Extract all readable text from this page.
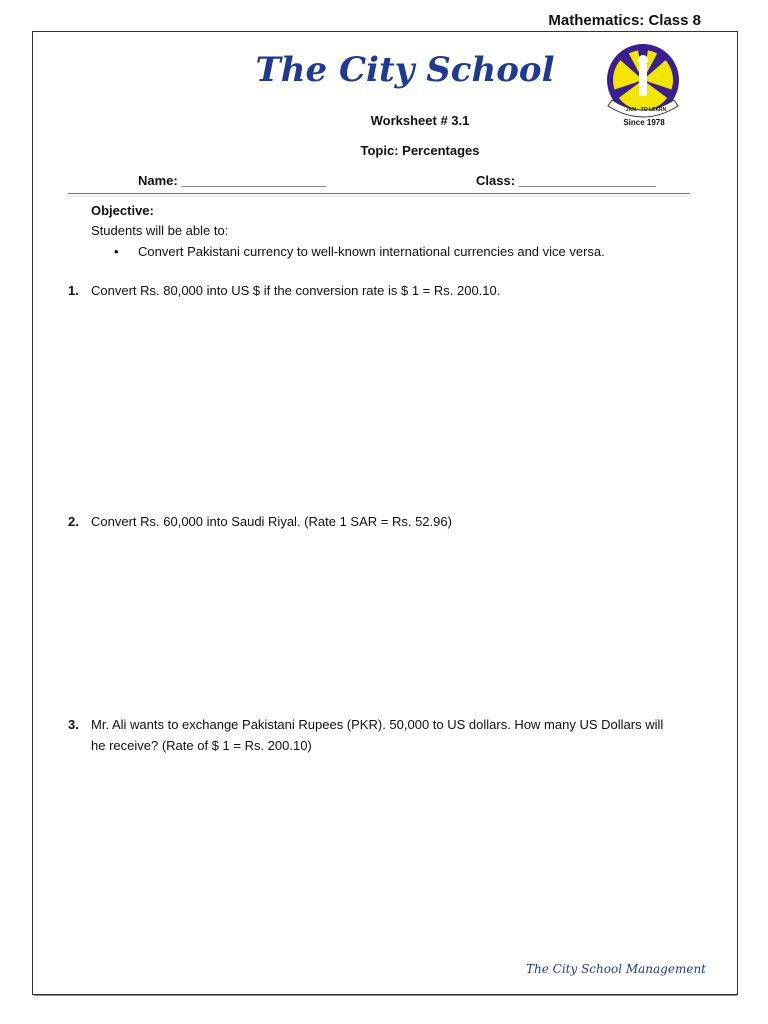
Mathematics: Class 8
The City School
JAM - TO LEARN
Since 1978
Worksheet # 3.1
Topic: Percentages
Name: ____________________	Class: ___________________
Objective:
Students will be able to:
• Convert Pakistani currency to well-known international currencies and vice versa.
1. Convert Rs. 80,000 into US $ if the conversion rate is $ 1 = Rs. 200.10.
2. Convert Rs. 60,000 into Saudi Riyal. (Rate 1 SAR = Rs. 52.96)
3. Mr. Ali wants to exchange Pakistani Rupees (PKR). 50,000 to US dollars. How many US Dollars will
he receive? (Rate of $ 1 = Rs. 200.10)
The City School Management
